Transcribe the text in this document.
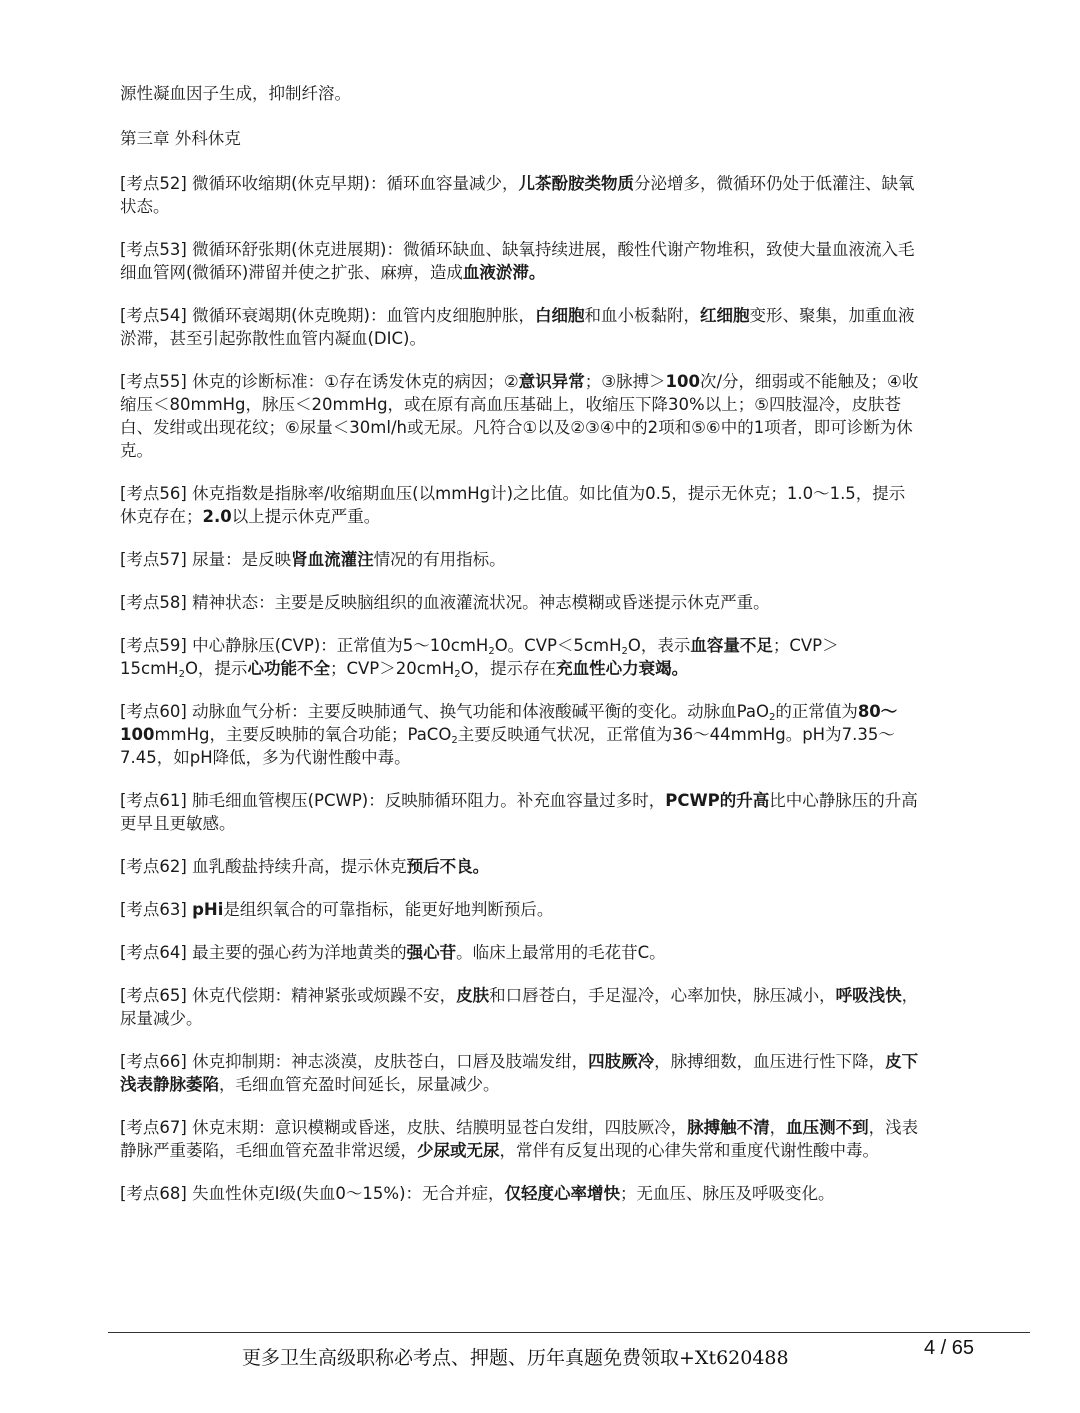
源性凝血因子生成，抑制纤溶。

第三章 外科休克

[考点52] 微循环收缩期(休克早期)：循环血容量减少，儿茶酚胺类物质分泌增多，微循环仍处于低灌注、缺氧状态。

[考点53] 微循环舒张期(休克进展期)：微循环缺血、缺氧持续进展，酸性代谢产物堆积，致使大量血液流入毛细血管网(微循环)滞留并使之扩张、麻痹，造成血液淤滞。

[考点54] 微循环衰竭期(休克晚期)：血管内皮细胞肿胀，白细胞和血小板黏附，红细胞变形、聚集，加重血液淤滞，甚至引起弥散性血管内凝血(DIC)。

[考点55] 休克的诊断标准：①存在诱发休克的病因；②意识异常；③脉搏＞100次/分，细弱或不能触及；④收缩压＜80mmHg，脉压＜20mmHg，或在原有高血压基础上，收缩压下降30%以上；⑤四肢湿冷，皮肤苍白、发绀或出现花纹；⑥尿量＜30ml/h或无尿。凡符合①以及②③④中的2项和⑤⑥中的1项者，即可诊断为休克。

[考点56] 休克指数是指脉率/收缩期血压(以mmHg计)之比值。如比值为0.5，提示无休克；1.0～1.5，提示休克存在；2.0以上提示休克严重。

[考点57] 尿量：是反映肾血流灌注情况的有用指标。

[考点58] 精神状态：主要是反映脑组织的血液灌流状况。神志模糊或昏迷提示休克严重。

[考点59] 中心静脉压(CVP)：正常值为5～10cmH$_2$O。CVP＜5cmH$_2$O，表示血容量不足；CVP＞15cmH$_2$O，提示心功能不全；CVP＞20cmH$_2$O，提示存在充血性心力衰竭。

[考点60] 动脉血气分析：主要反映肺通气、换气功能和体液酸碱平衡的变化。动脉血PaO$_2$的正常值为80～100mmHg，主要反映肺的氧合功能；PaCO$_2$主要反映通气状况，正常值为36～44mmHg。pH为7.35～7.45，如pH降低，多为代谢性酸中毒。

[考点61] 肺毛细血管楔压(PCWP)：反映肺循环阻力。补充血容量过多时，PCWP的升高比中心静脉压的升高更早且更敏感。

[考点62] 血乳酸盐持续升高，提示休克预后不良。

[考点63] pHi是组织氧合的可靠指标，能更好地判断预后。

[考点64] 最主要的强心药为洋地黄类的强心苷。临床上最常用的毛花苷C。

[考点65] 休克代偿期：精神紧张或烦躁不安，皮肤和口唇苍白，手足湿冷，心率加快，脉压减小，呼吸浅快，尿量减少。

[考点66] 休克抑制期：神志淡漠，皮肤苍白，口唇及肢端发绀，四肢厥冷，脉搏细数，血压进行性下降，皮下浅表静脉萎陷，毛细血管充盈时间延长，尿量减少。

[考点67] 休克末期：意识模糊或昏迷，皮肤、结膜明显苍白发绀，四肢厥冷，脉搏触不清，血压测不到，浅表静脉严重萎陷，毛细血管充盈非常迟缓，少尿或无尿，常伴有反复出现的心律失常和重度代谢性酸中毒。

[考点68] 失血性休克Ⅰ级(失血0～15%)：无合并症，仅轻度心率增快；无血压、脉压及呼吸变化。

更多卫生高级职称必考点、押题、历年真题免费领取+Xt620488	4 / 65
